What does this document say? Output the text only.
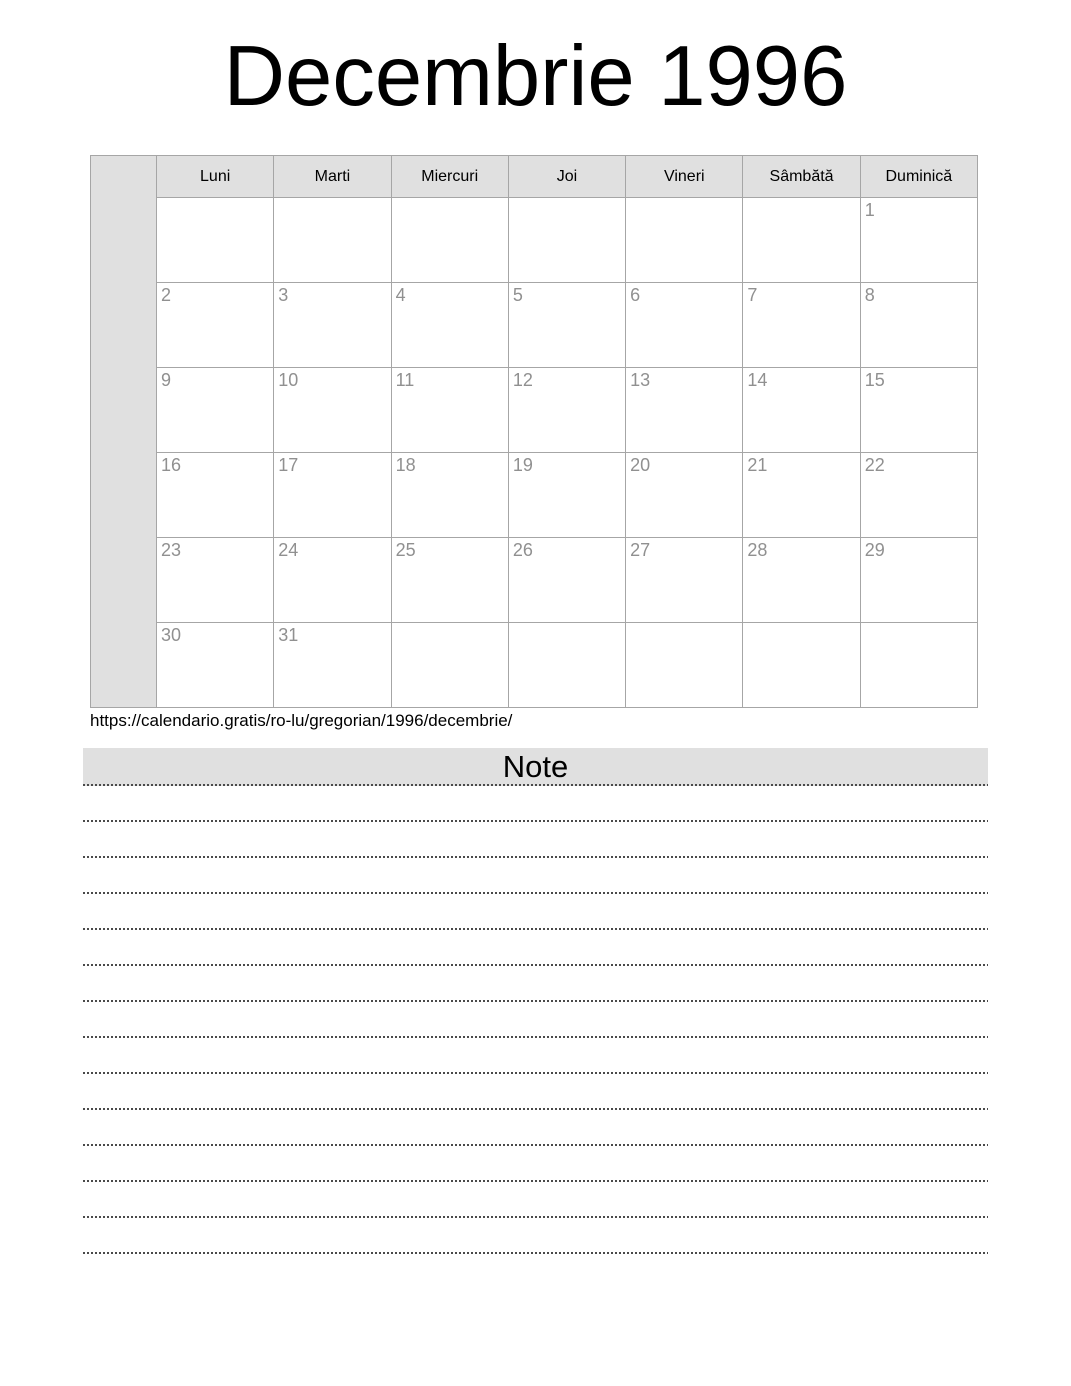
Decembrie 1996
	Luni	Marti	Miercuri	Joi	Vineri	Sâmbătă	Duminică
							1
	2	3	4	5	6	7	8
	9	10	11	12	13	14	15
	16	17	18	19	20	21	22
	23	24	25	26	27	28	29
	30	31					
https://calendario.gratis/ro-lu/gregorian/1996/decembrie/
Note
